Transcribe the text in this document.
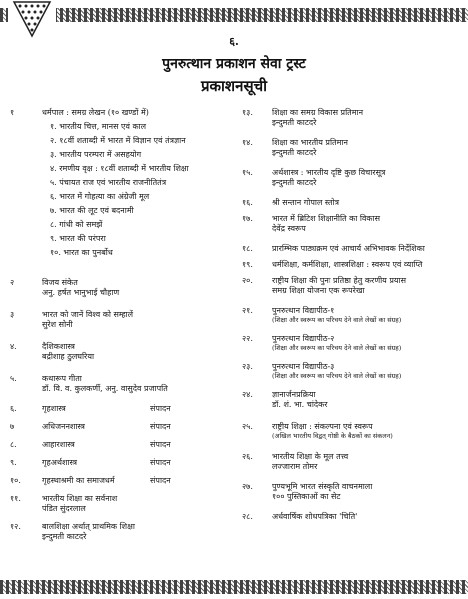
६.
पुनरुत्थान प्रकाशन सेवा ट्रस्ट
प्रकाशनसूची
१	धर्मपाल : समग्र लेखन (१० खण्डों में)
१. भारतीय चित्त, मानस एवं काल
२. १८वीं शताब्दी में भारत में विज्ञान एवं तंत्रज्ञान
३. भारतीय परम्परा में असहयोग
४. रमणीय वृक्ष : १८वीं शताब्दी में भारतीय शिक्षा
५. पंचायत राज एवं भारतीय राजनीतितंत्र
६. भारत में गोहत्या का अंग्रेजी मूल
७. भारत की लूट एवं बदनामी
८. गांधी को समझें
९. भारत की परंपरा
१०. भारत का पुनर्बोध
२	विजय संकेत
अनु. हर्षत भानुभाई चौहाण
३	भारत को जानें विश्व को सम्हालें
सुरेश सोनी
४.	दैशिकशास्त्र
बद्रीशाह ठुलघरिया
५.	कथारूप गीता
डॉ. वि. व. कुलकर्णी, अनु. वासुदेव प्रजापति
६.	गृहशास्त्र	संपादन
७	अधिजननशास्त्र	संपादन
८.	आहारशास्त्र	संपादन
९.	गृहअर्थशास्त्र	संपादन
१०.	गृहस्थाश्रमी का समाजधर्म	संपादन
११.	भारतीय शिक्षा का सर्वनाश
पंडित सुंदरलाल
१२.	बालशिक्षा अर्थात् प्राथमिक शिक्षा
इन्दुमती काटदरे
१३.	शिक्षा का समग्र विकास प्रतिमान
इन्दुमती काटदरे
१४.	शिक्षा का भारतीय प्रतिमान
इन्दुमती काटदरे
१५.	अर्थशास्त्र : भारतीय दृष्टि कुछ विचारसूत्र
इन्दुमती काटदरे
१६.	श्री सन्तान गोपाल स्तोत्र
१७.	भारत में ब्रिटिश शिक्षानीति का विकास
देवेंद्र स्वरूप
१८.	प्रारम्भिक पाठ्यक्रम एवं आचार्य अभिभावक निर्देशिका
१९.	धर्मशिक्षा, कर्मशिक्षा, शास्त्रशिक्षा : स्वरूप एवं व्याप्ति
२०.	राष्ट्रीय शिक्षा की पुनः प्रतिष्ठा हेतु करणीय प्रयास
समग्र शिक्षा योजना एक रूपरेखा
२१.	पुनरुत्थान विद्यापीठ-१
(शिक्षा और स्वरूप का परिचय देने वाले लेखों का संग्रह)
२२.	पुनरुत्थान विद्यापीठ-२
(शिक्षा और स्वरूप का परिचय देने वाले लेखों का संग्रह)
२३.	पुनरुत्थान विद्यापीठ-३
(शिक्षा और स्वरूप का परिचय देने वाले लेखों का संग्रह)
२४.	ज्ञानार्जनप्रक्रिया
डॉ. शं. भा. चांदेकर
२५.	राष्ट्रीय शिक्षा : संकल्पना एवं स्वरूप
(अखिल भारतीय विद्वत् गोष्ठी के बैठकों का संकलन)
२६.	भारतीय शिक्षा के मूल तत्त्व
लज्जाराम तोमर
२७.	पुण्यभूमि भारत संस्कृति वाचनमाला
१०० पुस्तिकाओं का सेट
२८.	अर्धवार्षिक शोधपत्रिका 'चिति'
